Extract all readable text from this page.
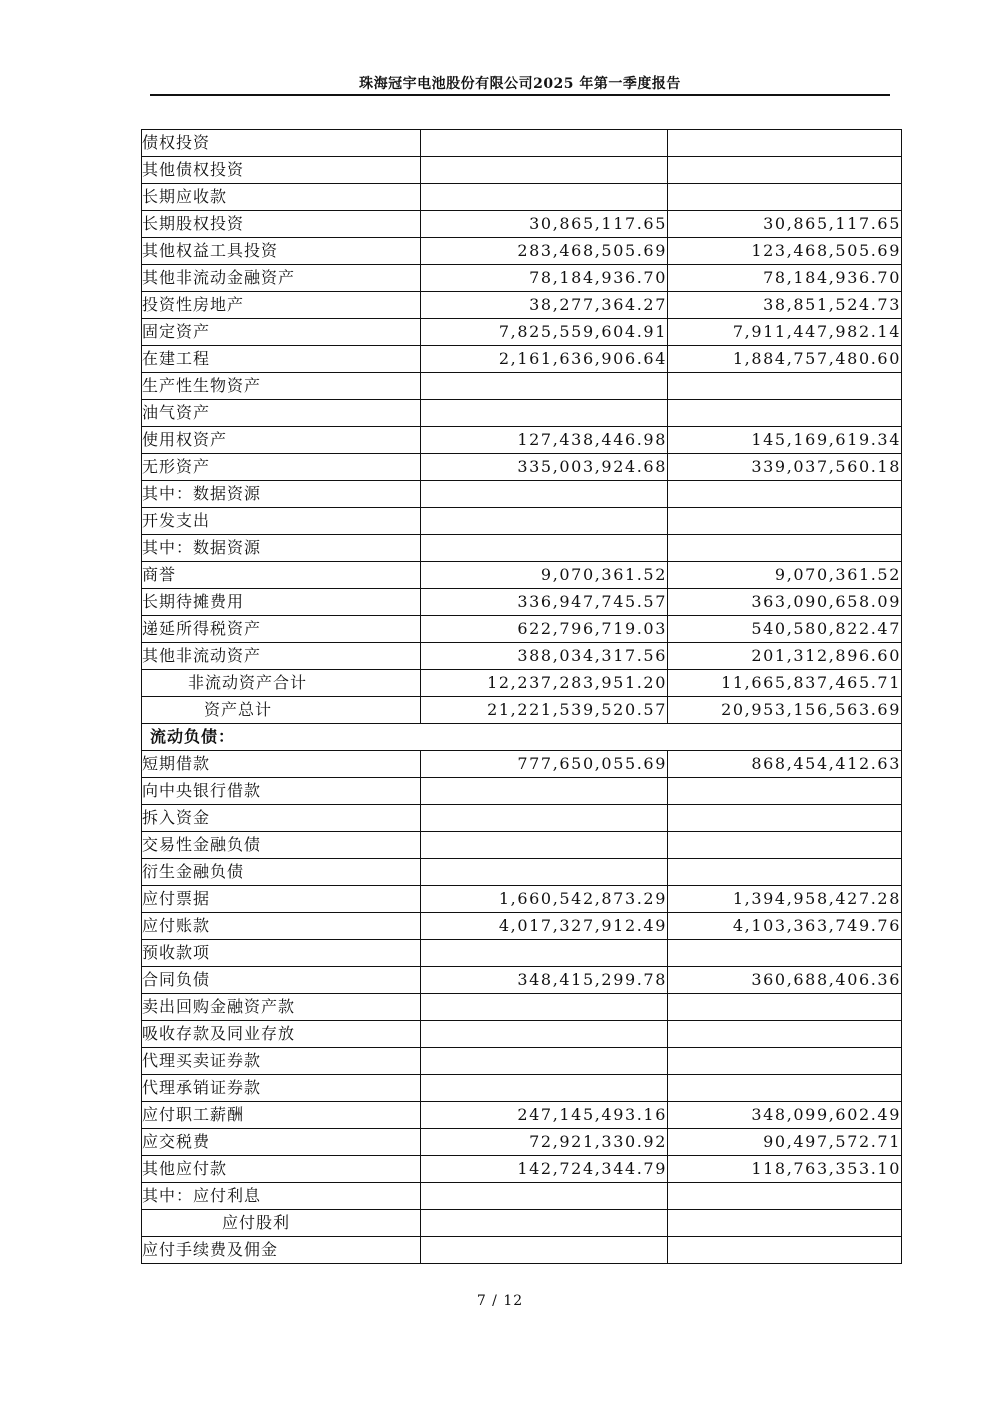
珠海冠宇电池股份有限公司2025 年第一季度报告
债权投资		
其他债权投资		
长期应收款		
长期股权投资	30,865,117.65	30,865,117.65
其他权益工具投资	283,468,505.69	123,468,505.69
其他非流动金融资产	78,184,936.70	78,184,936.70
投资性房地产	38,277,364.27	38,851,524.73
固定资产	7,825,559,604.91	7,911,447,982.14
在建工程	2,161,636,906.64	1,884,757,480.60
生产性生物资产		
油气资产		
使用权资产	127,438,446.98	145,169,619.34
无形资产	335,003,924.68	339,037,560.18
其中：数据资源		
开发支出		
其中：数据资源		
商誉	9,070,361.52	9,070,361.52
长期待摊费用	336,947,745.57	363,090,658.09
递延所得税资产	622,796,719.03	540,580,822.47
其他非流动资产	388,034,317.56	201,312,896.60
非流动资产合计	12,237,283,951.20	11,665,837,465.71
资产总计	21,221,539,520.57	20,953,156,563.69
流动负债：		
短期借款	777,650,055.69	868,454,412.63
向中央银行借款		
拆入资金		
交易性金融负债		
衍生金融负债		
应付票据	1,660,542,873.29	1,394,958,427.28
应付账款	4,017,327,912.49	4,103,363,749.76
预收款项		
合同负债	348,415,299.78	360,688,406.36
卖出回购金融资产款		
吸收存款及同业存放		
代理买卖证券款		
代理承销证券款		
应付职工薪酬	247,145,493.16	348,099,602.49
应交税费	72,921,330.92	90,497,572.71
其他应付款	142,724,344.79	118,763,353.10
其中：应付利息		
应付股利		
应付手续费及佣金		
7 / 12
